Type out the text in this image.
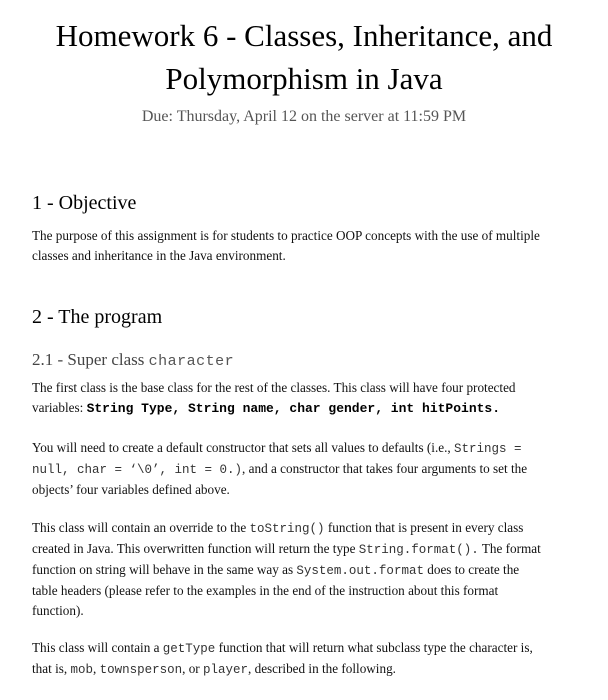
Homework 6 - Classes, Inheritance, and
Polymorphism in Java
Due: Thursday, April 12 on the server at 11:59 PM
1 - Objective
The purpose of this assignment is for students to practice OOP concepts with the use of multiple
classes and inheritance in the Java environment.
2 - The program
2.1 - Super class character
The first class is the base class for the rest of the classes. This class will have four protected
variables: String Type, String name, char gender, int hitPoints.
You will need to create a default constructor that sets all values to defaults (i.e., Strings =
null, char = ‘\0’, int = 0.), and a constructor that takes four arguments to set the
objects’ four variables defined above.
This class will contain an override to the toString() function that is present in every class
created in Java. This overwritten function will return the type String.format(). The format
function on string will behave in the same way as System.out.format does to create the
table headers (please refer to the examples in the end of the instruction about this format
function).
This class will contain a getType function that will return what subclass type the character is,
that is, mob, townsperson, or player, described in the following.
